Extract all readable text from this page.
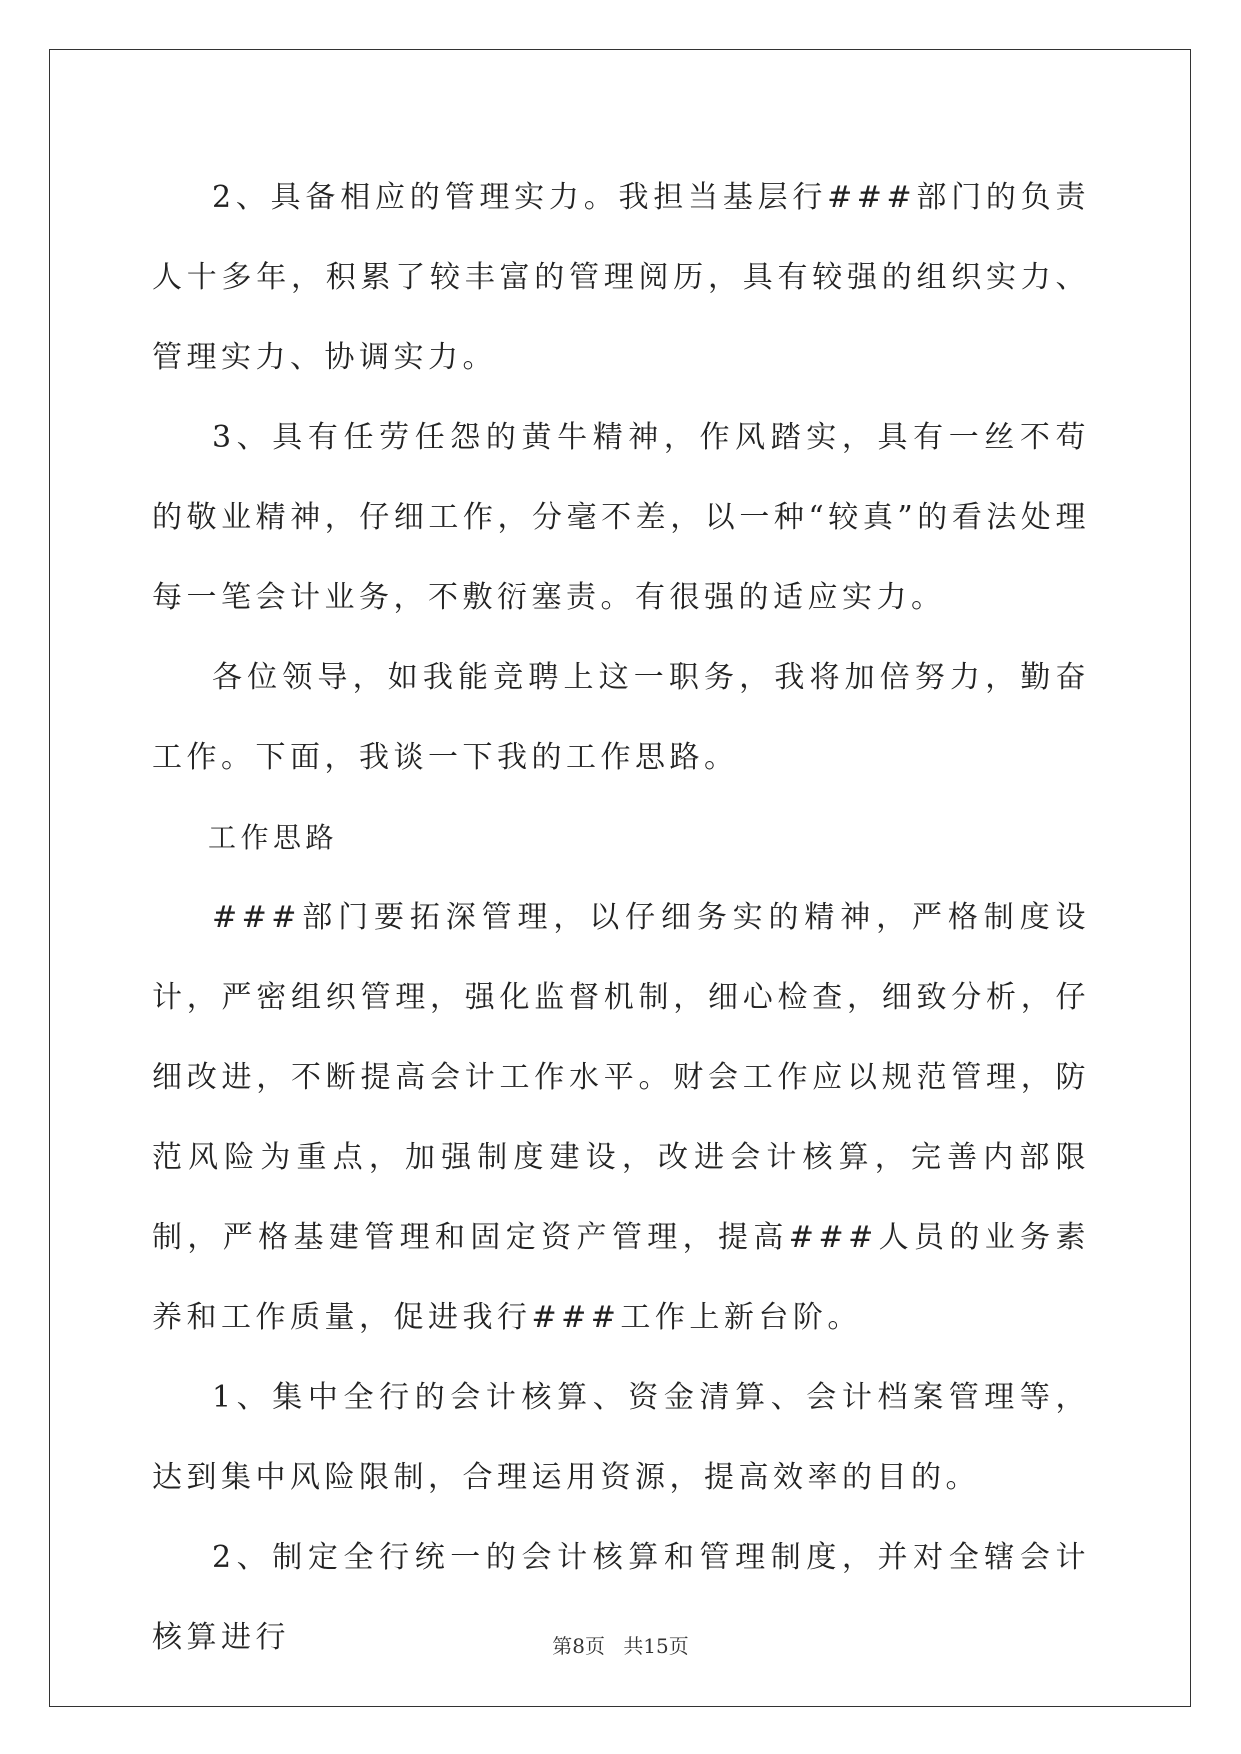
2、具备相应的管理实力。我担当基层行###部门的负责人十多年，积累了较丰富的管理阅历，具有较强的组织实力、管理实力、协调实力。

3、具有任劳任怨的黄牛精神，作风踏实，具有一丝不苟的敬业精神，仔细工作，分毫不差，以一种“较真”的看法处理每一笔会计业务，不敷衍塞责。有很强的适应实力。

各位领导，如我能竞聘上这一职务，我将加倍努力，勤奋工作。下面，我谈一下我的工作思路。

工作思路

###部门要拓深管理，以仔细务实的精神，严格制度设计，严密组织管理，强化监督机制，细心检查，细致分析，仔细改进，不断提高会计工作水平。财会工作应以规范管理，防范风险为重点，加强制度建设，改进会计核算，完善内部限制，严格基建管理和固定资产管理，提高###人员的业务素养和工作质量，促进我行###工作上新台阶。

1、集中全行的会计核算、资金清算、会计档案管理等，达到集中风险限制，合理运用资源，提高效率的目的。

2、制定全行统一的会计核算和管理制度，并对全辖会计核算进行	第8页 共15页
